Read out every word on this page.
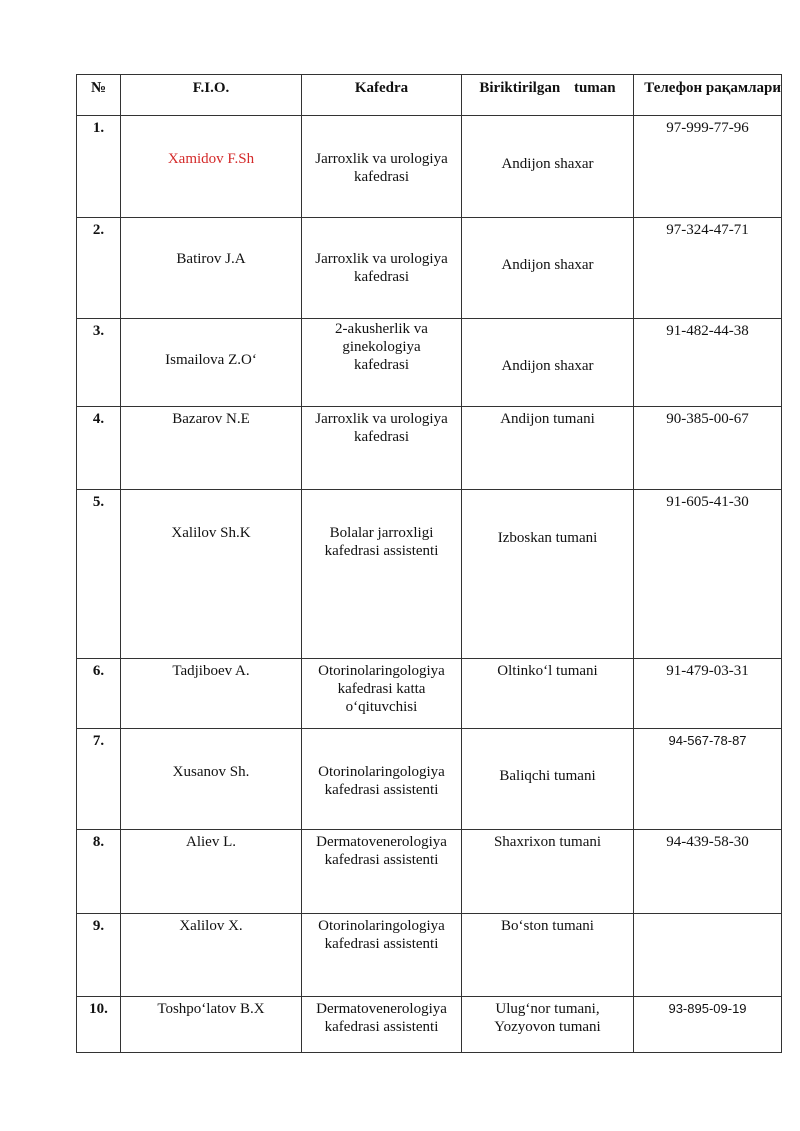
№	F.I.O.	Kafedra	Biriktirilgan tuman	Телефон рақамлари

1.	Xamidov F.Sh	Jarroxlik va urologiya kafedrasi	Andijon shaxar	97-999-77-96

2.	Batirov J.A	Jarroxlik va urologiya kafedrasi	Andijon shaxar	97-324-47-71

3.	Ismailova Z.O‘	2-akusherlik va ginekologiya kafedrasi	Andijon shaxar	91-482-44-38

4.	Bazarov N.E	Jarroxlik va urologiya kafedrasi	Andijon tumani	90-385-00-67

5.	Xalilov Sh.K	Bolalar jarroxligi kafedrasi assistenti	Izboskan tumani	91-605-41-30

6.	Tadjiboev A.	Otorinolaringologiya kafedrasi katta o‘qituvchisi	Oltinko‘l tumani	91-479-03-31

7.	Xusanov Sh.	Otorinolaringologiya kafedrasi assistenti	Baliqchi tumani	94-567-78-87

8.	Aliev L.	Dermatovenerologiya kafedrasi assistenti	Shaxrixon tumani	94-439-58-30

9.	Xalilov X.	Otorinolaringologiya kafedrasi assistenti	Bo‘ston tumani	

10.	Toshpo‘latov B.X	Dermatovenerologiya kafedrasi assistenti	Ulug‘nor tumani, Yozyovon tumani	93-895-09-19
